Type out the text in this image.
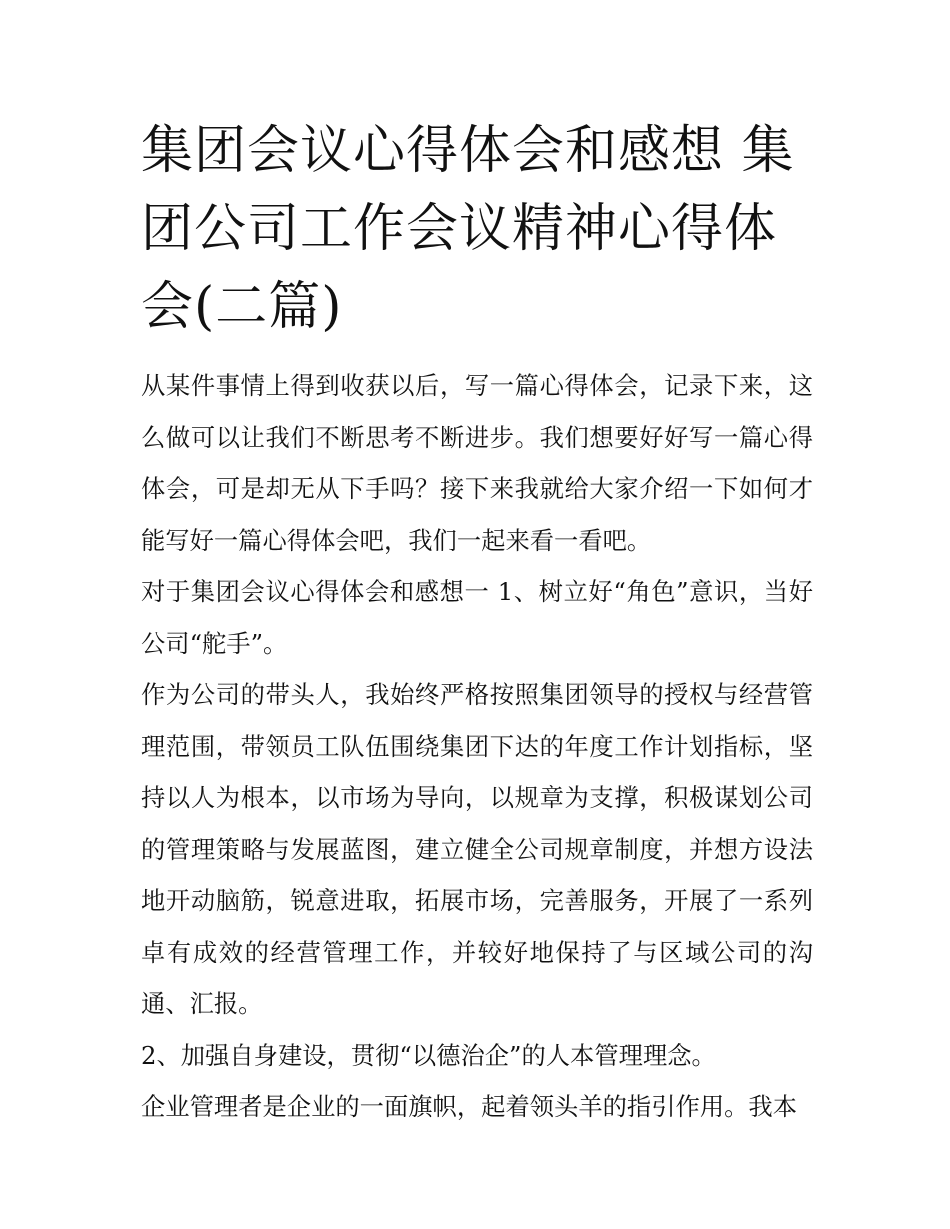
集团会议心得体会和感想 集团公司工作会议精神心得体会(二篇)

从某件事情上得到收获以后，写一篇心得体会，记录下来，这么做可以让我们不断思考不断进步。我们想要好好写一篇心得体会，可是却无从下手吗？接下来我就给大家介绍一下如何才能写好一篇心得体会吧，我们一起来看一看吧。

对于集团会议心得体会和感想一 1、树立好“角色”意识，当好公司“舵手”。

作为公司的带头人，我始终严格按照集团领导的授权与经营管理范围，带领员工队伍围绕集团下达的年度工作计划指标，坚持以人为根本，以市场为导向，以规章为支撑，积极谋划公司的管理策略与发展蓝图，建立健全公司规章制度，并想方设法地开动脑筋，锐意进取，拓展市场，完善服务，开展了一系列卓有成效的经营管理工作，并较好地保持了与区域公司的沟通、汇报。

2、加强自身建设，贯彻“以德治企”的人本管理理念。

企业管理者是企业的一面旗帜，起着领头羊的指引作用。我本
